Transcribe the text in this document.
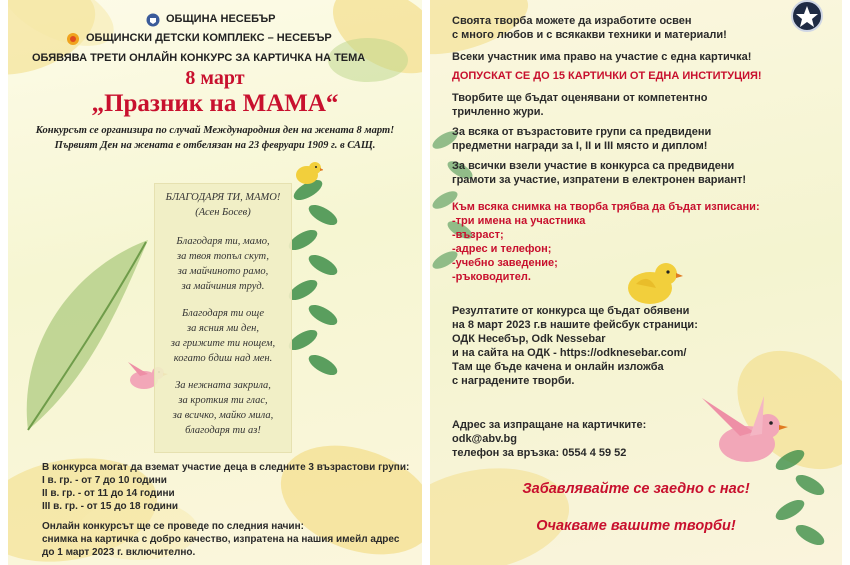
ОБЩИНА НЕСЕБЪР
ОБЩИНСКИ ДЕТСКИ КОМПЛЕКС – НЕСЕБЪР
ОБЯВЯВА ТРЕТИ ОНЛАЙН КОНКУРС ЗА КАРТИЧКА НА ТЕМА
8 март
„Празник на МАМА“
Конкурсът се организира по случай Международния ден на жената 8 март!
Първият Ден на жената е отбелязан на 23 февруари 1909 г. в САЩ.
БЛАГОДАРЯ ТИ, МАМО!
(Асен Босев)
Благодаря ти, мамо,
за твоя топъл скут,
за майчиното рамо,
за майчиния труд.
Благодаря ти още
за ясния ми ден,
за грижите ти нощем,
когато бдиш над мен.
За нежната закрила,
за кроткия ти глас,
за всичко, майко мила,
благодаря ти аз!
В конкурса могат да вземат участие деца в следните 3 възрастови групи:
I в. гр. - от 7 до 10 години
II в. гр. - от 11 до 14 години
III в. гр. - от 15 до 18 години
Онлайн конкурсът ще се проведе по следния начин:
снимка на картичка с добро качество, изпратена на нашия имейл адрес
до 1 март 2023 г. включително.
Своята творба можете да изработите освен
с много любов и с всякакви техники и материали!
Всеки участник има право на участие с една картичка!
ДОПУСКАТ СЕ ДО 15 КАРТИЧКИ ОТ ЕДНА ИНСТИТУЦИЯ!
Творбите ще бъдат оценявани от компетентно
тричленно жури.
За всяка от възрастовите групи са предвидени
предметни награди за I, II и III място и диплом!
За всички взели участие в конкурса са предвидени
грамоти за участие, изпратени в електронен вариант!
Към всяка снимка на творба трябва да бъдат изписани:
-три имена на участника
-възраст;
-адрес и телефон;
-учебно заведение;
-ръководител.
Резултатите от конкурса ще бъдат обявени
на 8 март 2023 г.в нашите фейсбук страници:
ОДК Несебър, Odk Nessebar
и на сайта на ОДК - https://odknesebar.com/
Там ще бъде качена и онлайн изложба
с наградените творби.
Адрес за изпращане на картичките:
odk@abv.bg
телефон за връзка: 0554 4 59 52
Забавлявайте се заедно с нас!
Очакваме вашите творби!
